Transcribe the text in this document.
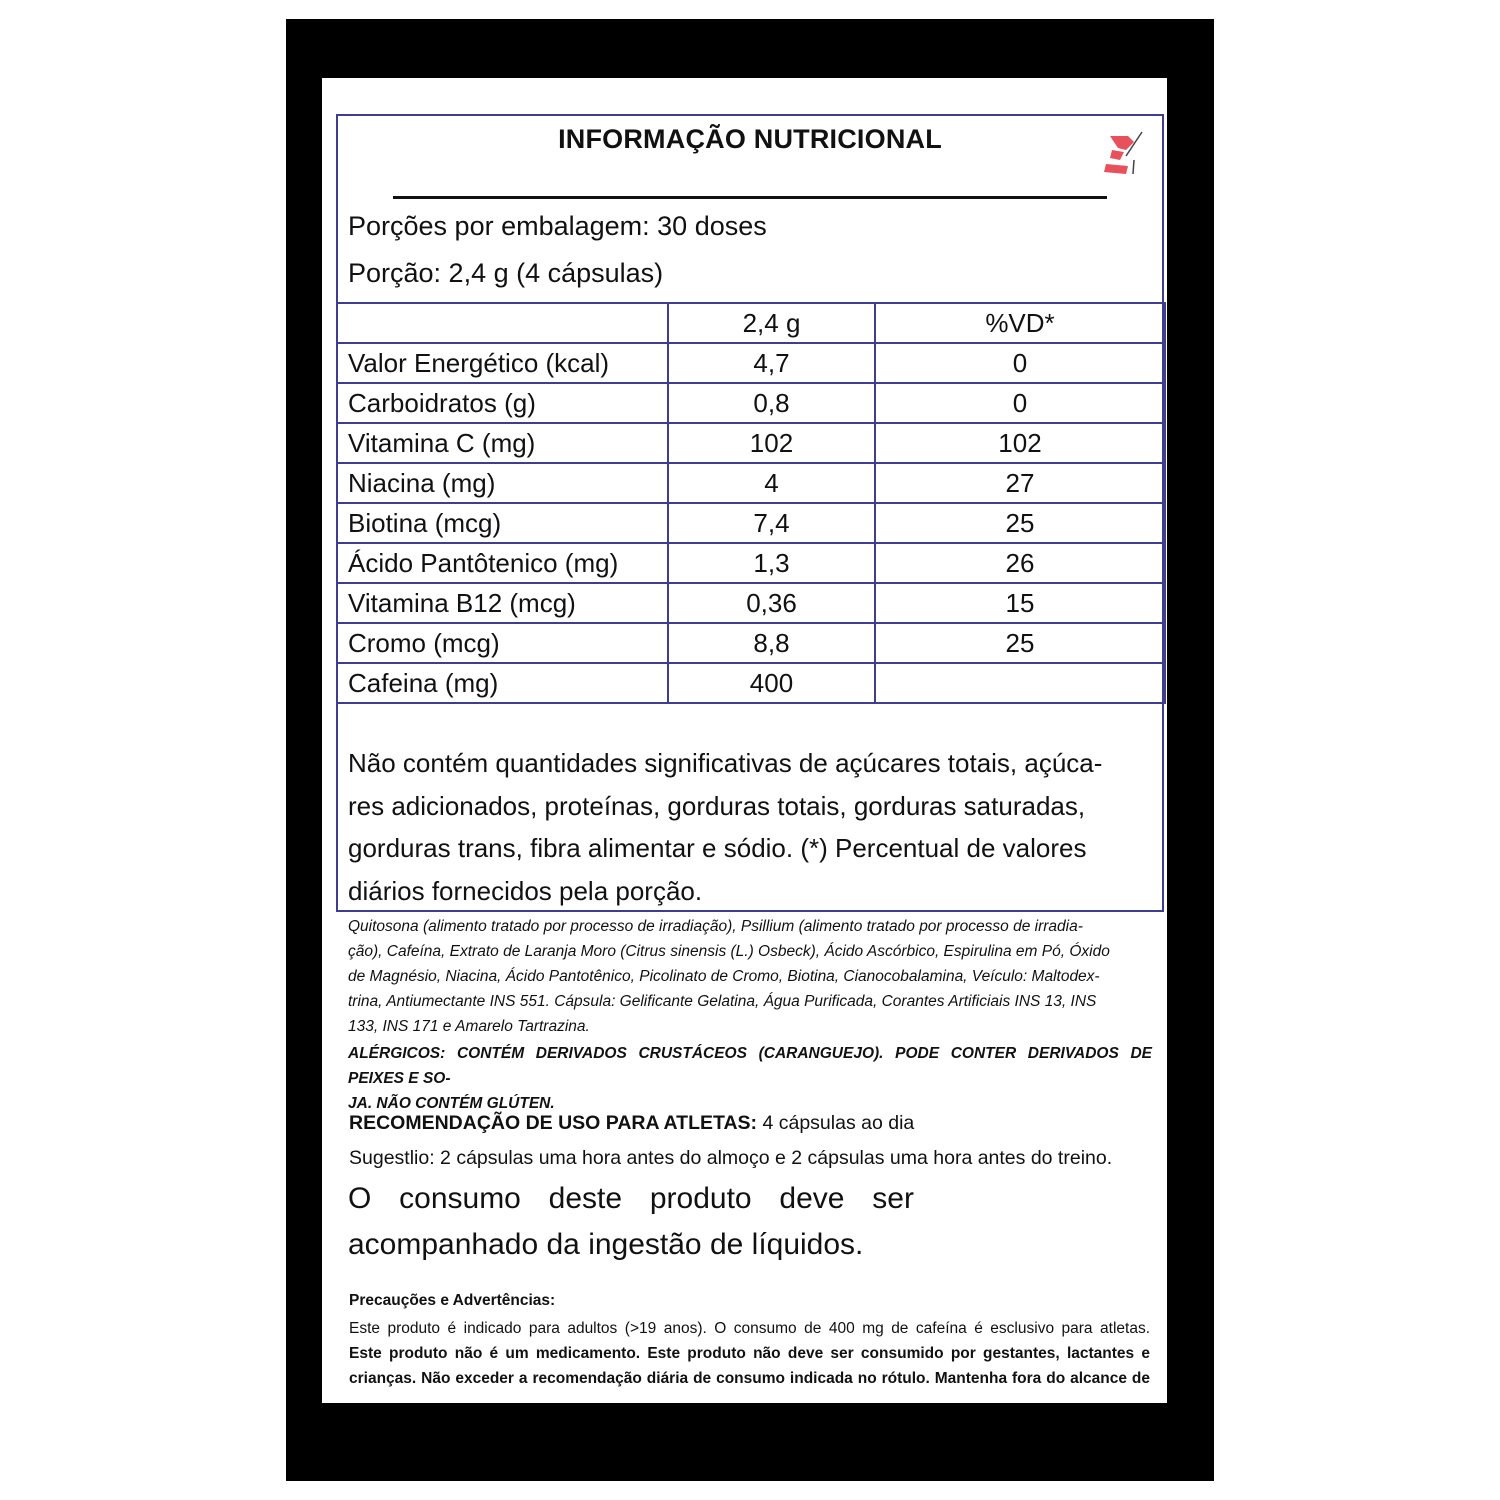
INFORMAÇÃO NUTRICIONAL
Porções por embalagem: 30 doses
Porção: 2,4 g (4 cápsulas)
	2,4 g	%VD*
Valor Energético (kcal)	4,7	0
Carboidratos (g)	0,8	0
Vitamina C (mg)	102	102
Niacina (mg)	4	27
Biotina (mcg)	7,4	25
Ácido Pantôtenico (mg)	1,3	26
Vitamina B12 (mcg)	0,36	15
Cromo (mcg)	8,8	25
Cafeina (mg)	400	
Não contém quantidades significativas de açúcares totais, açúca-
res adicionados, proteínas, gorduras totais, gorduras saturadas,
gorduras trans, fibra alimentar e sódio. (*) Percentual de valores
diários fornecidos pela porção.
Quitosona (alimento tratado por processo de irradiação), Psillium (alimento tratado por processo de irradia-
ção), Cafeína, Extrato de Laranja Moro (Citrus sinensis (L.) Osbeck), Ácido Ascórbico, Espirulina em Pó, Óxido
de Magnésio, Niacina, Ácido Pantotênico, Picolinato de Cromo, Biotina, Cianocobalamina, Veículo: Maltodex-
trina, Antiumectante INS 551. Cápsula: Gelificante Gelatina, Água Purificada, Corantes Artificiais INS 13, INS
133, INS 171 e Amarelo Tartrazina.
ALÉRGICOS: CONTÉM DERIVADOS CRUSTÁCEOS (CARANGUEJO). PODE CONTER DERIVADOS DE PEIXES E SO-
JA. NÃO CONTÉM GLÚTEN.
RECOMENDAÇÃO DE USO PARA ATLETAS: 4 cápsulas ao dia
Sugestlio: 2 cápsulas uma hora antes do almoço e 2 cápsulas uma hora antes do treino.
O consumo deste produto deve ser
acompanhado da ingestão de líquidos.
Precauções e Advertências:
Este produto é indicado para adultos (>19 anos). O consumo de 400 mg de cafeína é esclusivo para atletas.
Este produto não é um medicamento. Este produto não deve ser consumido por gestantes, lactantes e
crianças. Não exceder a recomendação diária de consumo indicada no rótulo. Mantenha fora do alcance de
